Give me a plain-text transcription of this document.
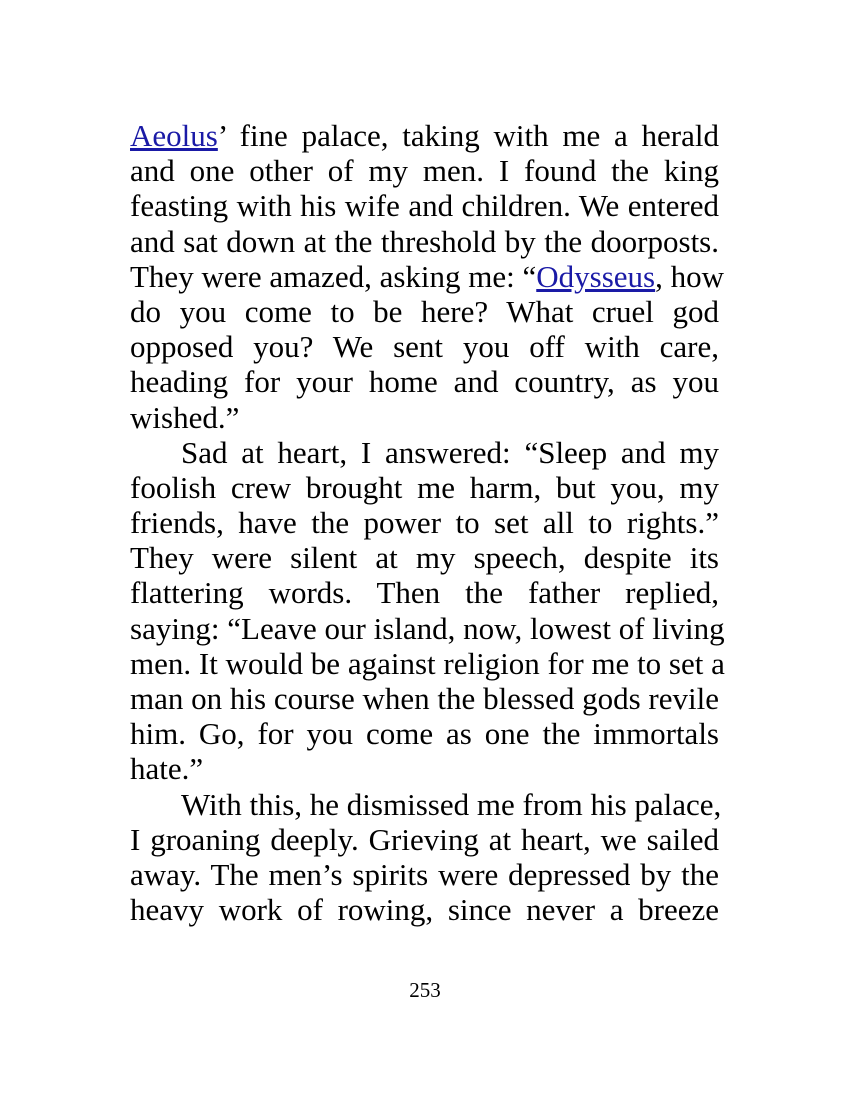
Aeolus’ fine palace, taking with me a herald
and one other of my men. I found the king
feasting with his wife and children. We entered
and sat down at the threshold by the doorposts.
They were amazed, asking me: “Odysseus, how
do you come to be here? What cruel god
opposed you? We sent you off with care,
heading for your home and country, as you
wished.”
Sad at heart, I answered: “Sleep and my
foolish crew brought me harm, but you, my
friends, have the power to set all to rights.”
They were silent at my speech, despite its
flattering words. Then the father replied,
saying: “Leave our island, now, lowest of living
men. It would be against religion for me to set a
man on his course when the blessed gods revile
him. Go, for you come as one the immortals
hate.”
With this, he dismissed me from his palace,
I groaning deeply. Grieving at heart, we sailed
away. The men’s spirits were depressed by the
heavy work of rowing, since never a breeze
253
